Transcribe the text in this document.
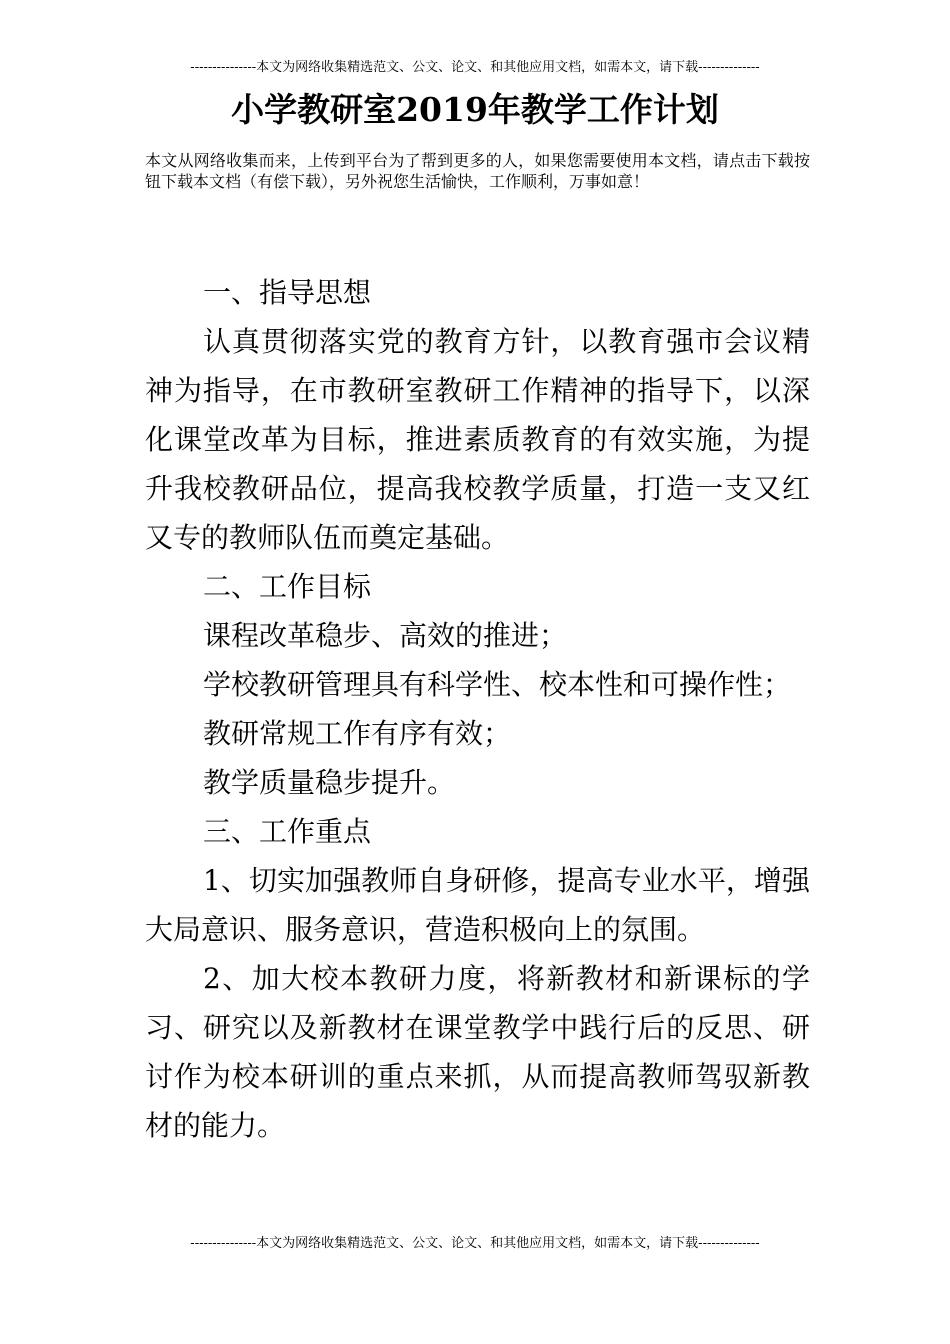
---------------本文为网络收集精选范文、公文、论文、和其他应用文档，如需本文，请下载--------------
小学教研室2019年教学工作计划

本文从网络收集而来，上传到平台为了帮到更多的人，如果您需要使用本文档，请点击下载按钮下载本文档（有偿下载），另外祝您生活愉快，工作顺利，万事如意！

一、指导思想

认真贯彻落实党的教育方针，以教育强市会议精神为指导，在市教研室教研工作精神的指导下，以深化课堂改革为目标，推进素质教育的有效实施，为提升我校教研品位，提高我校教学质量，打造一支又红又专的教师队伍而奠定基础。

二、工作目标

课程改革稳步、高效的推进；

学校教研管理具有科学性、校本性和可操作性；

教研常规工作有序有效；

教学质量稳步提升。

三、工作重点

1、切实加强教师自身研修，提高专业水平，增强大局意识、服务意识，营造积极向上的氛围。

2、加大校本教研力度，将新教材和新课标的学习、研究以及新教材在课堂教学中践行后的反思、研讨作为校本研训的重点来抓，从而提高教师驾驭新教材的能力。

---------------本文为网络收集精选范文、公文、论文、和其他应用文档，如需本文，请下载--------------
